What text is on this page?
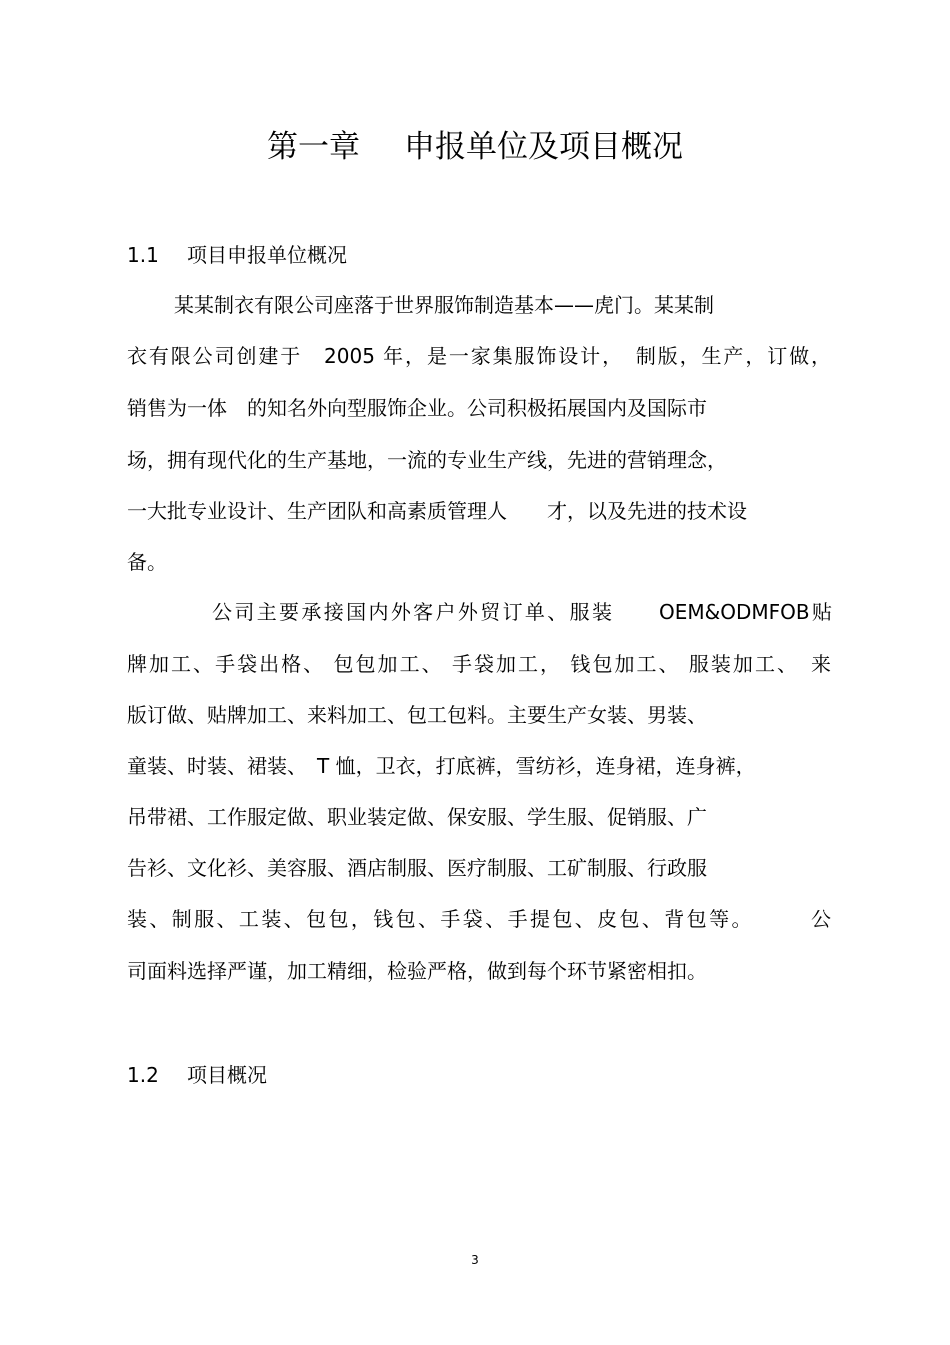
第一章 申报单位及项目概况
1.1 项目申报单位概况

某某制衣有限公司座落于世界服饰制造基本——虎门。某某制

衣有限公司创建于　2005 年，是一家集服饰设计，　制版，生产，订做，

销售为一体　的知名外向型服饰企业。公司积极拓展国内及国际市

场，拥有现代化的生产基地，一流的专业生产线，先进的营销理念，

一大批专业设计、生产团队和高素质管理人　　才，以及先进的技术设

备。

公司主要承接国内外客户外贸订单、服装　　OEM&ODMFOB贴

牌加工、手袋出格、 包包加工、 手袋加工， 钱包加工、 服装加工、　来

版订做、贴牌加工、来料加工、包工包料。主要生产女装、男装、

童装、时装、裙装、　T 恤，卫衣，打底裤，雪纺衫，连身裙，连身裤，

吊带裙、工作服定做、职业装定做、保安服、学生服、促销服、广

告衫、文化衫、美容服、酒店制服、医疗制服、工矿制服、行政服

装、制服、工装、包包，钱包、手袋、手提包、皮包、背包等。　　　公

司面料选择严谨，加工精细，检验严格，做到每个环节紧密相扣。

1.2 项目概况
3
